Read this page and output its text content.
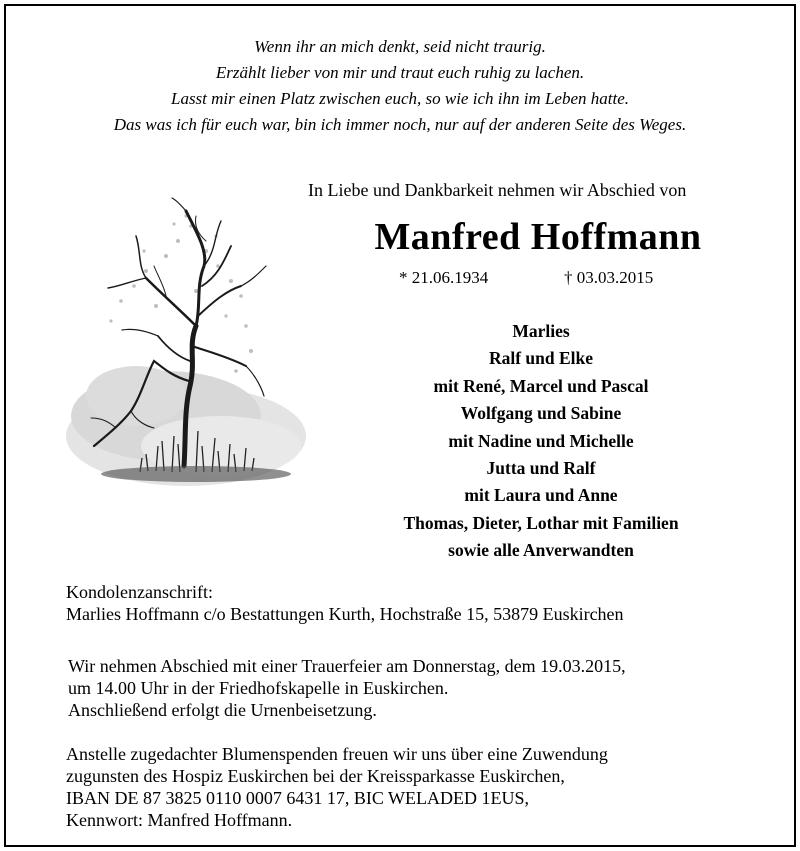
Wenn ihr an mich denkt, seid nicht traurig.
Erzählt lieber von mir und traut euch ruhig zu lachen.
Lasst mir einen Platz zwischen euch, so wie ich ihn im Leben hatte.
Das was ich für euch war, bin ich immer noch, nur auf der anderen Seite des Weges.
In Liebe und Dankbarkeit nehmen wir Abschied von
Manfred Hoffmann
* 21.06.1934	† 03.03.2015
Marlies
Ralf und Elke
mit René, Marcel und Pascal
Wolfgang und Sabine
mit Nadine und Michelle
Jutta und Ralf
mit Laura und Anne
Thomas, Dieter, Lothar mit Familien
sowie alle Anverwandten
Kondolenzanschrift:
Marlies Hoffmann c/o Bestattungen Kurth, Hochstraße 15, 53879 Euskirchen
Wir nehmen Abschied mit einer Trauerfeier am Donnerstag, dem 19.03.2015,
um 14.00 Uhr in der Friedhofskapelle in Euskirchen.
Anschließend erfolgt die Urnenbeisetzung.
Anstelle zugedachter Blumenspenden freuen wir uns über eine Zuwendung
zugunsten des Hospiz Euskirchen bei der Kreissparkasse Euskirchen,
IBAN DE 87 3825 0110 0007 6431 17, BIC WELADED 1EUS,
Kennwort: Manfred Hoffmann.
